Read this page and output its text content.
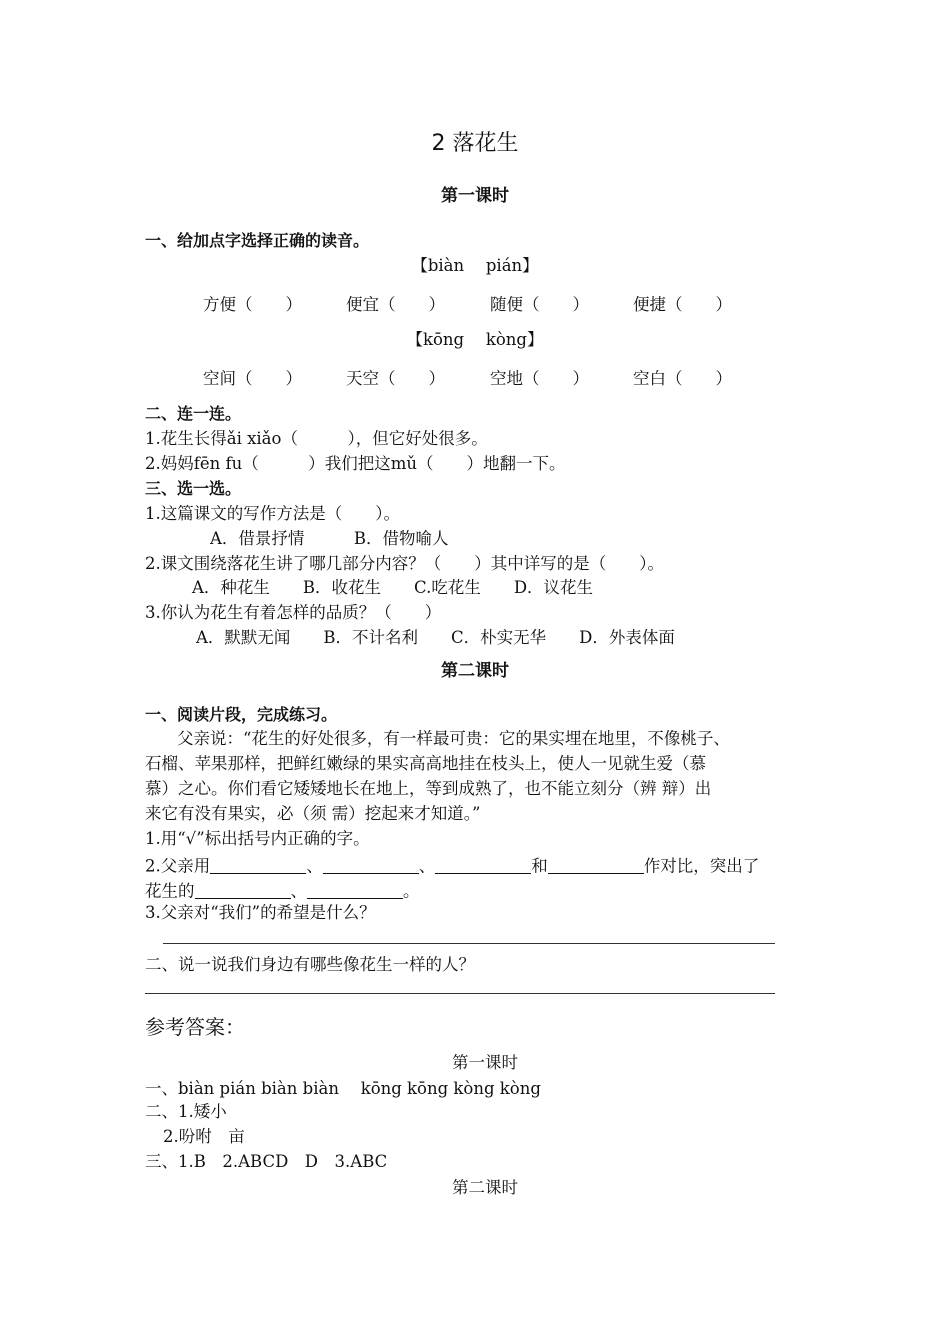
2 落花生
第一课时
一、给加点字选择正确的读音。
【biàn　 pián】
方便（　　）	便宜（　　）	随便（　　）	便捷（　　）
【kōng　 kòng】
空间（　　）	天空（　　）	空地（　　）	空白（　　）
二、连一连。
1.花生长得ǎi xiǎo（　　　），但它好处很多。
2.妈妈fēn fu（　　　）我们把这mǔ（　　）地翻一下。
三、选一选。
1.这篇课文的写作方法是（　　）。
A．借景抒情　　　B．借物喻人
2.课文围绕落花生讲了哪几部分内容？（　　）其中详写的是（　　）。
A．种花生　　B．收花生　　C.吃花生　　D．议花生
3.你认为花生有着怎样的品质？（　　）
A．默默无闻　　B．不计名利　　C．朴实无华　　D．外表体面
第二课时
一、阅读片段，完成练习。
父亲说：“花生的好处很多，有一样最可贵：它的果实埋在地里，不像桃子、
石榴、苹果那样，把鲜红嫩绿的果实高高地挂在枝头上，使人一见就生爱（慕
慕）之心。你们看它矮矮地长在地上，等到成熟了，也不能立刻分（辨 辩）出
来它有没有果实，必（须 需）挖起来才知道。”
1.用“√”标出括号内正确的字。
2.父亲用	、	、	和	作对比，突出了
花生的	、	。
3.父亲对“我们”的希望是什么？
二、说一说我们身边有哪些像花生一样的人？
参考答案：
第一课时
一、biàn pián biàn biàn　 kōng kōng kòng kòng
二、1.矮小
2.吩咐　亩
三、1.B　2.ABCD　D　3.ABC
第二课时
